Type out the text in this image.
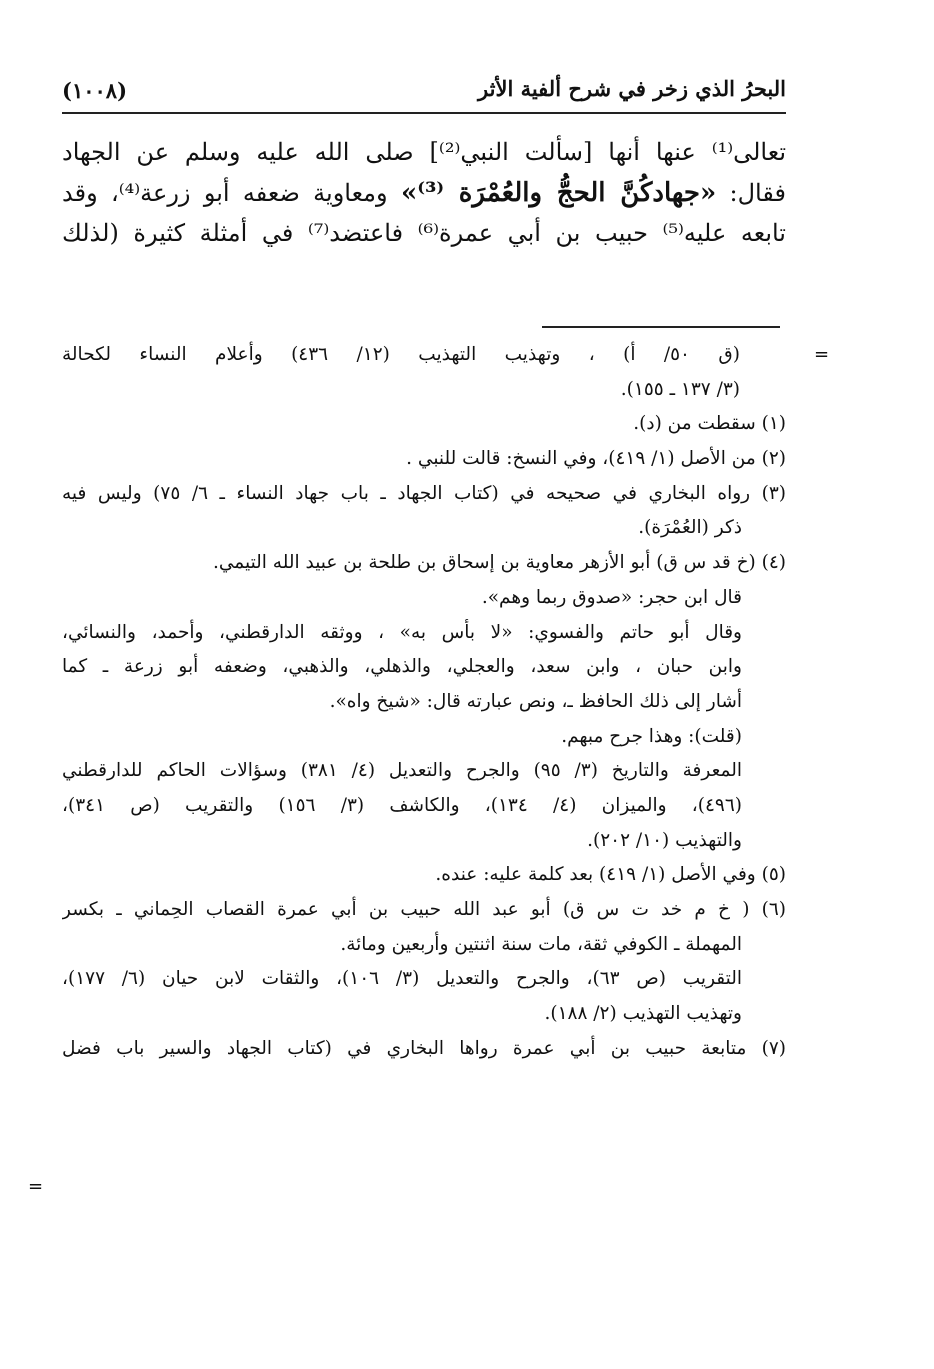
البحرُ الذي زخر في شرح ألفية الأثر
(١٠٠٨)
تعالى⁽¹⁾ عنها أنها [سألت النبي⁽²⁾] صلى الله عليه وسلم عن الجهاد
فقال: «جهادكُنَّ الحجُّ والعُمْرَة ⁽³⁾» ومعاوية ضعفه أبو زرعة⁽⁴⁾، وقد
تابعه عليه⁽⁵⁾ حبيب بن أبي عمرة⁽⁶⁾ فاعتضد⁽⁷⁾ في أمثلة كثيرة (لذلك
(ق ٥٠/ أ) ، وتهذيب التهذيب (١٢/ ٤٣٦) وأعلام النساء لكحالة
(٣/ ١٣٧ ـ ١٥٥).
(١) سقطت من (د).
(٢) من الأصل (١/ ٤١٩)، وفي النسخ: قالت للنبي .
(٣) رواه البخاري في صحيحه في (كتاب الجهاد ـ باب جهاد النساء ـ ٦/ ٧٥) وليس فيه
ذكر (العُمْرَة).
(٤) (خ قد س ق) أبو الأزهر معاوية بن إسحاق بن طلحة بن عبيد الله التيمي.
قال ابن حجر: «صدوق ربما وهم».
وقال أبو حاتم والفسوي: «لا بأس به» ، ووثقه الدارقطني، وأحمد، والنسائي،
وابن حبان ، وابن سعد، والعجلي، والذهلي، والذهبي، وضعفه أبو زرعة ـ كما
أشار إلى ذلك الحافظ ـ، ونص عبارته قال: «شيخ واه».
(قلت): وهذا جرح مبهم.
المعرفة والتاريخ (٣/ ٩٥) والجرح والتعديل (٤/ ٣٨١) وسؤالات الحاكم للدارقطني
(٤٩٦)، والميزان (٤/ ١٣٤)، والكاشف (٣/ ١٥٦) والتقريب (ص ٣٤١)،
والتهذيب (١٠/ ٢٠٢).
(٥) وفي الأصل (١/ ٤١٩) بعد كلمة عليه: عنده.
(٦) ( خ م خد ت س ق) أبو عبد الله حبيب بن أبي عمرة القصاب الحِماني ـ بكسر
المهملة ـ الكوفي ثقة، مات سنة اثنتين وأربعين ومائة.
التقريب (ص ٦٣)، والجرح والتعديل (٣/ ١٠٦)، والثقات لابن حيان (٦/ ١٧٧)،
وتهذيب التهذيب (٢/ ١٨٨).
(٧) متابعة حبيب بن أبي عمرة رواها البخاري في (كتاب الجهاد والسير باب فضل
=
=
